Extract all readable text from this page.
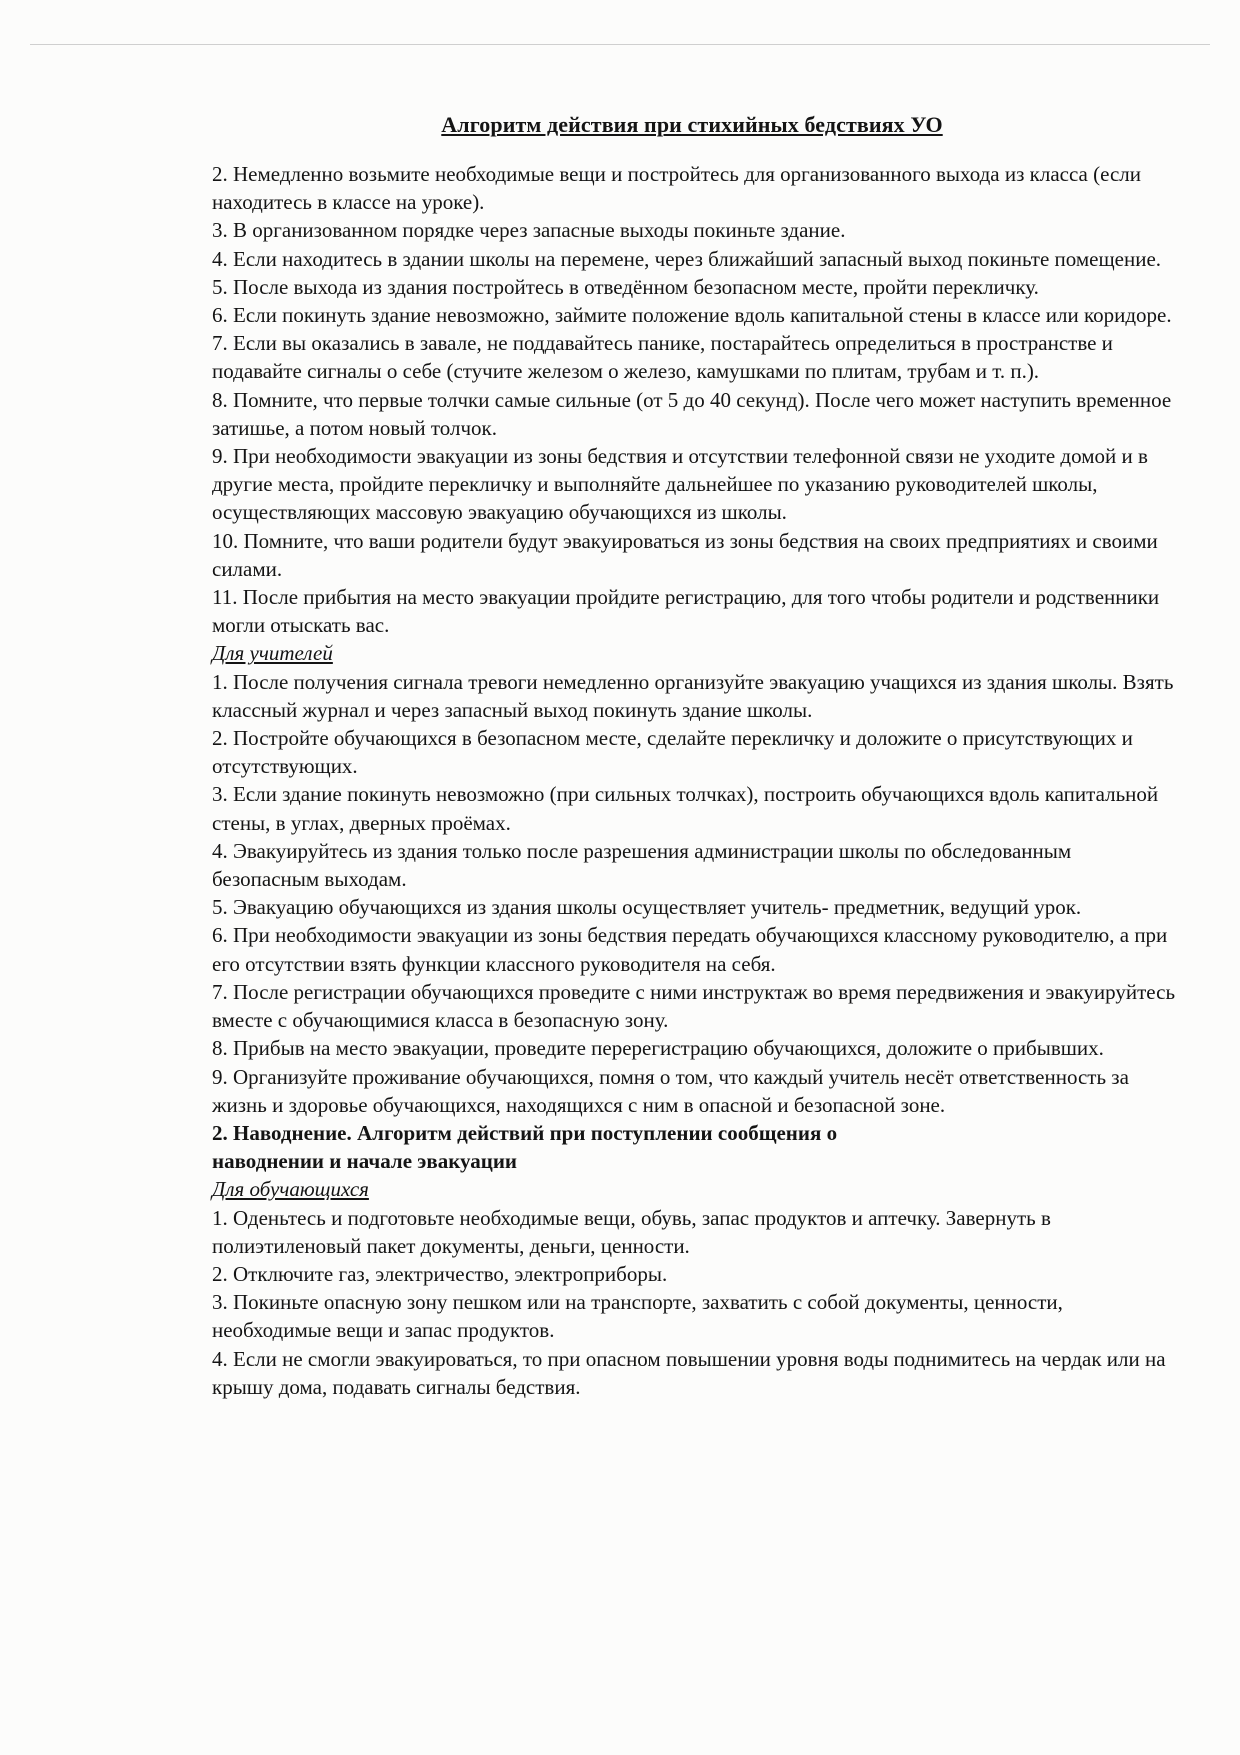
Алгоритм действия при стихийных бедствиях УО

2. Немедленно возьмите необходимые вещи и постройтесь для организованного выхода из класса (если находитесь в классе на уроке).

3. В организованном порядке через запасные выходы покиньте здание.

4. Если находитесь в здании школы на перемене, через ближайший запасный выход покиньте помещение.

5. После выхода из здания постройтесь в отведённом безопасном месте, пройти перекличку.

6. Если покинуть здание невозможно, займите положение вдоль капитальной стены в классе или коридоре.

7. Если вы оказались в завале, не поддавайтесь панике, постарайтесь определиться в пространстве и подавайте сигналы о себе (стучите железом о железо, камушками по плитам, трубам и т. п.).

8. Помните, что первые толчки самые сильные (от 5 до 40 секунд). После чего может наступить временное затишье, а потом новый толчок.

9. При необходимости эвакуации из зоны бедствия и отсутствии телефонной связи не уходите домой и в другие места, пройдите перекличку и выполняйте дальнейшее по указанию руководителей школы, осуществляющих массовую эвакуацию обучающихся из школы.

10. Помните, что ваши родители будут эвакуироваться из зоны бедствия на своих предприятиях и своими силами.

11. После прибытия на место эвакуации пройдите регистрацию, для того чтобы родители и родственники могли отыскать вас.

Для учителей

1. После получения сигнала тревоги немедленно организуйте эвакуацию учащихся из здания школы. Взять классный журнал и через запасный выход покинуть здание школы.

2. Постройте обучающихся в безопасном месте, сделайте перекличку и доложите о присутствующих и отсутствующих.

3. Если здание покинуть невозможно (при сильных толчках), построить обучающихся вдоль капитальной стены, в углах, дверных проёмах.

4. Эвакуируйтесь из здания только после разрешения администрации школы по обследованным безопасным выходам.

5. Эвакуацию обучающихся из здания школы осуществляет учитель- предметник, ведущий урок.

6. При необходимости эвакуации из зоны бедствия передать обучающихся классному руководителю, а при его отсутствии взять функции классного руководителя на себя.

7. После регистрации обучающихся проведите с ними инструктаж во время передвижения и эвакуируйтесь вместе с обучающимися класса в безопасную зону.

8. Прибыв на место эвакуации, проведите перерегистрацию обучающихся, доложите о прибывших.

9. Организуйте проживание обучающихся, помня о том, что каждый учитель несёт ответственность за жизнь и здоровье обучающихся, находящихся с ним в опасной и безопасной зоне.

2. Наводнение. Алгоритм действий при поступлении сообщения о
наводнении и начале эвакуации

Для обучающихся

1. Оденьтесь и подготовьте необходимые вещи, обувь, запас продуктов и аптечку. Завернуть в полиэтиленовый пакет документы, деньги, ценности.

2. Отключите газ, электричество, электроприборы.

3. Покиньте опасную зону пешком или на транспорте, захватить с собой документы, ценности, необходимые вещи и запас продуктов.

4. Если не смогли эвакуироваться, то при опасном повышении уровня воды поднимитесь на чердак или на крышу дома, подавать сигналы бедствия.
